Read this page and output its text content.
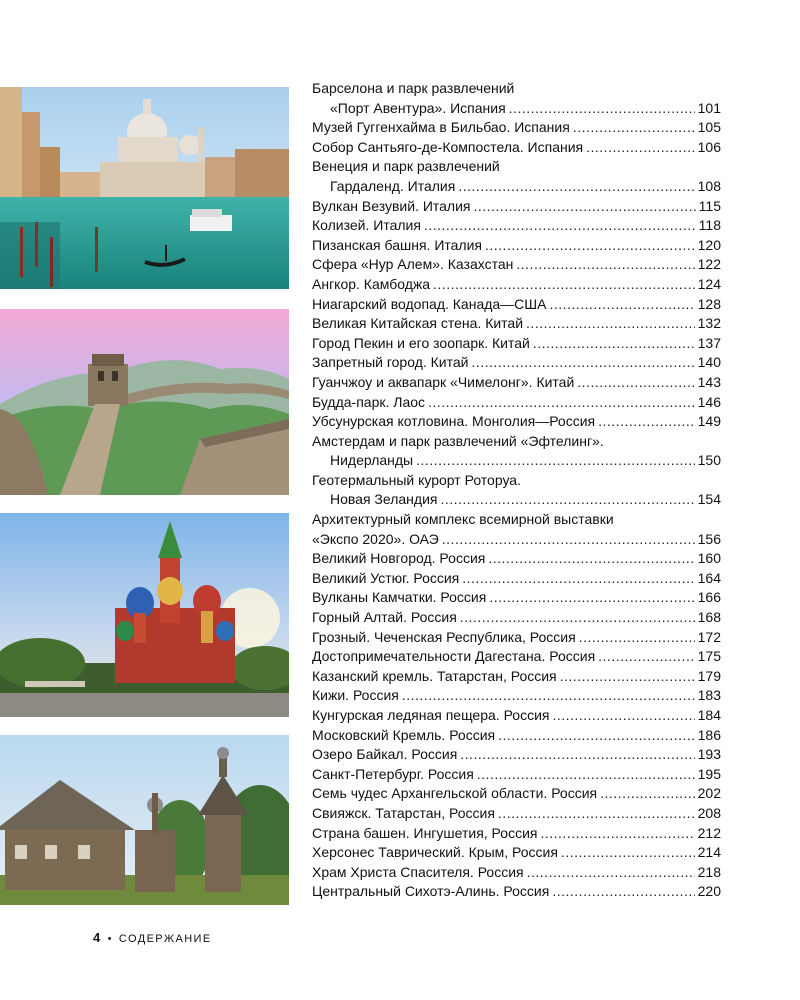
Барселона и парк развлечений
«Порт Авентура». Испания .....	101
Музей Гуггенхайма в Бильбао. Испания .....	105
Собор Сантьяго-де-Компостела. Испания .....	106
Венеция и парк развлечений
Гардаленд. Италия .....	108
Вулкан Везувий. Италия .....	115
Колизей. Италия .....	118
Пизанская башня. Италия .....	120
Сфера «Нур Алем». Казахстан .....	122
Ангкор. Камбоджа .....	124
Ниагарский водопад. Канада—США .....	128
Великая Китайская стена. Китай .....	132
Город Пекин и его зоопарк. Китай .....	137
Запретный город. Китай .....	140
Гуанчжоу и аквапарк «Чимелонг». Китай .....	143
Будда-парк. Лаос .....	146
Убсунурская котловина. Монголия—Россия .....	149
Амстердам и парк развлечений «Эфтелинг».
Нидерланды .....	150
Геотермальный курорт Роторуа.
Новая Зеландия .....	154
Архитектурный комплекс всемирной выставки
«Экспо 2020». ОАЭ .....	156
Великий Новгород. Россия .....	160
Великий Устюг. Россия .....	164
Вулканы Камчатки. Россия .....	166
Горный Алтай. Россия .....	168
Грозный. Чеченская Республика, Россия .....	172
Достопримечательности Дагестана. Россия .....	175
Казанский кремль. Татарстан, Россия .....	179
Кижи. Россия .....	183
Кунгурская ледяная пещера. Россия .....	184
Московский Кремль. Россия .....	186
Озеро Байкал. Россия .....	193
Санкт-Петербург. Россия .....	195
Семь чудес Архангельской области. Россия .....	202
Свияжск. Татарстан, Россия .....	208
Страна башен. Ингушетия, Россия .....	212
Херсонес Таврический. Крым, Россия .....	214
Храм Христа Спасителя. Россия .....	218
Центральный Сихотэ-Алинь. Россия .....	220
4 • СОДЕРЖАНИЕ
